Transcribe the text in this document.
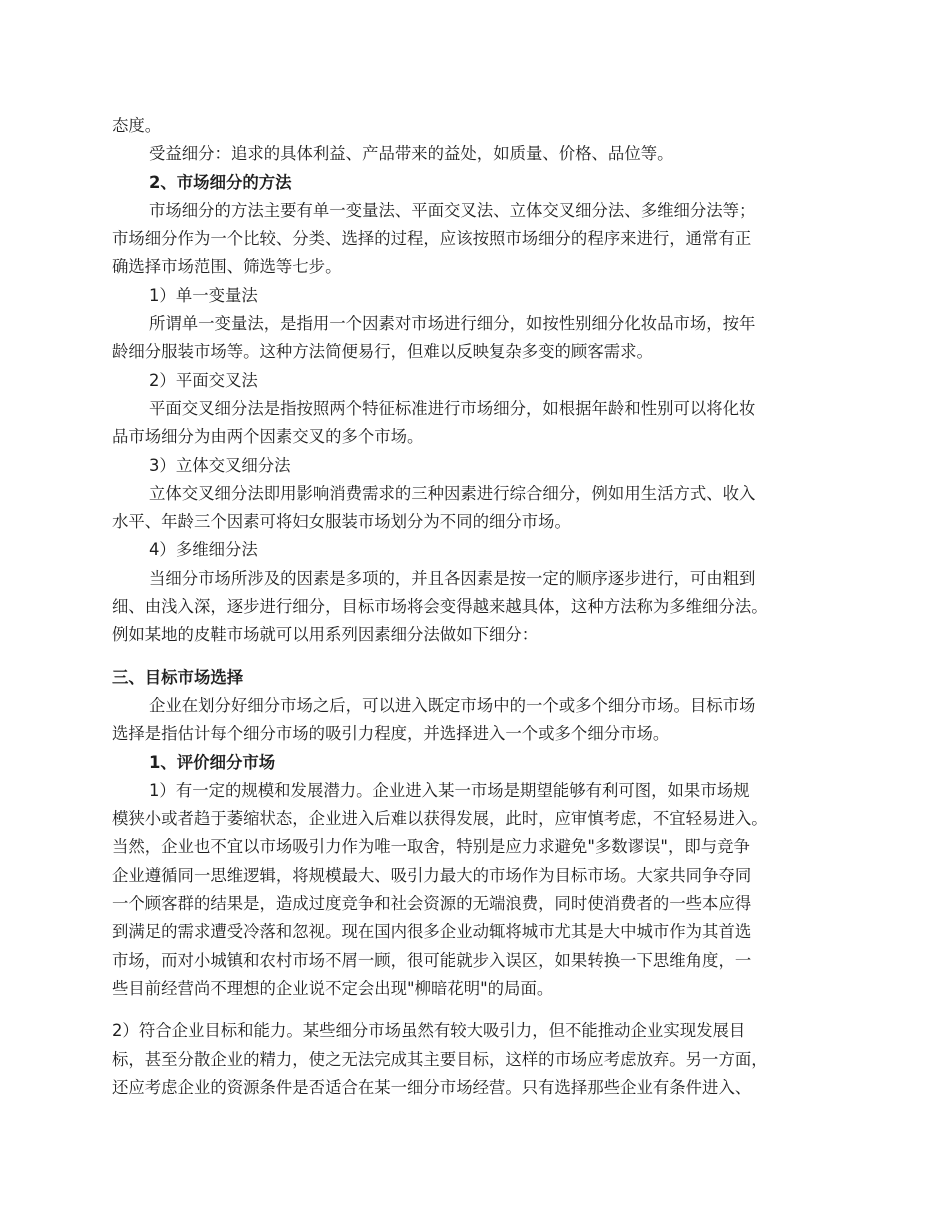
态度。

受益细分：追求的具体利益、产品带来的益处，如质量、价格、品位等。

2、市场细分的方法

市场细分的方法主要有单一变量法、平面交叉法、立体交叉细分法、多维细分法等；

市场细分作为一个比较、分类、选择的过程，应该按照市场细分的程序来进行，通常有正

确选择市场范围、筛选等七步。

1）单一变量法

所谓单一变量法，是指用一个因素对市场进行细分，如按性别细分化妆品市场，按年

龄细分服装市场等。这种方法简便易行，但难以反映复杂多变的顾客需求。

2）平面交叉法

平面交叉细分法是指按照两个特征标准进行市场细分，如根据年龄和性别可以将化妆

品市场细分为由两个因素交叉的多个市场。

3）立体交叉细分法

立体交叉细分法即用影响消费需求的三种因素进行综合细分，例如用生活方式、收入

水平、年龄三个因素可将妇女服装市场划分为不同的细分市场。

4）多维细分法

当细分市场所涉及的因素是多项的，并且各因素是按一定的顺序逐步进行，可由粗到

细、由浅入深，逐步进行细分，目标市场将会变得越来越具体，这种方法称为多维细分法。

例如某地的皮鞋市场就可以用系列因素细分法做如下细分：

三、目标市场选择

企业在划分好细分市场之后，可以进入既定市场中的一个或多个细分市场。目标市场

选择是指估计每个细分市场的吸引力程度，并选择进入一个或多个细分市场。

1、评价细分市场

1）有一定的规模和发展潜力。企业进入某一市场是期望能够有利可图，如果市场规

模狭小或者趋于萎缩状态，企业进入后难以获得发展，此时，应审慎考虑，不宜轻易进入。

当然，企业也不宜以市场吸引力作为唯一取舍，特别是应力求避免"多数谬误"，即与竞争

企业遵循同一思维逻辑，将规模最大、吸引力最大的市场作为目标市场。大家共同争夺同

一个顾客群的结果是，造成过度竞争和社会资源的无端浪费，同时使消费者的一些本应得

到满足的需求遭受冷落和忽视。现在国内很多企业动辄将城市尤其是大中城市作为其首选

市场，而对小城镇和农村市场不屑一顾，很可能就步入误区，如果转换一下思维角度，一

些目前经营尚不理想的企业说不定会出现"柳暗花明"的局面。

2）符合企业目标和能力。某些细分市场虽然有较大吸引力，但不能推动企业实现发展目

标，甚至分散企业的精力，使之无法完成其主要目标，这样的市场应考虑放弃。另一方面，

还应考虑企业的资源条件是否适合在某一细分市场经营。只有选择那些企业有条件进入、
